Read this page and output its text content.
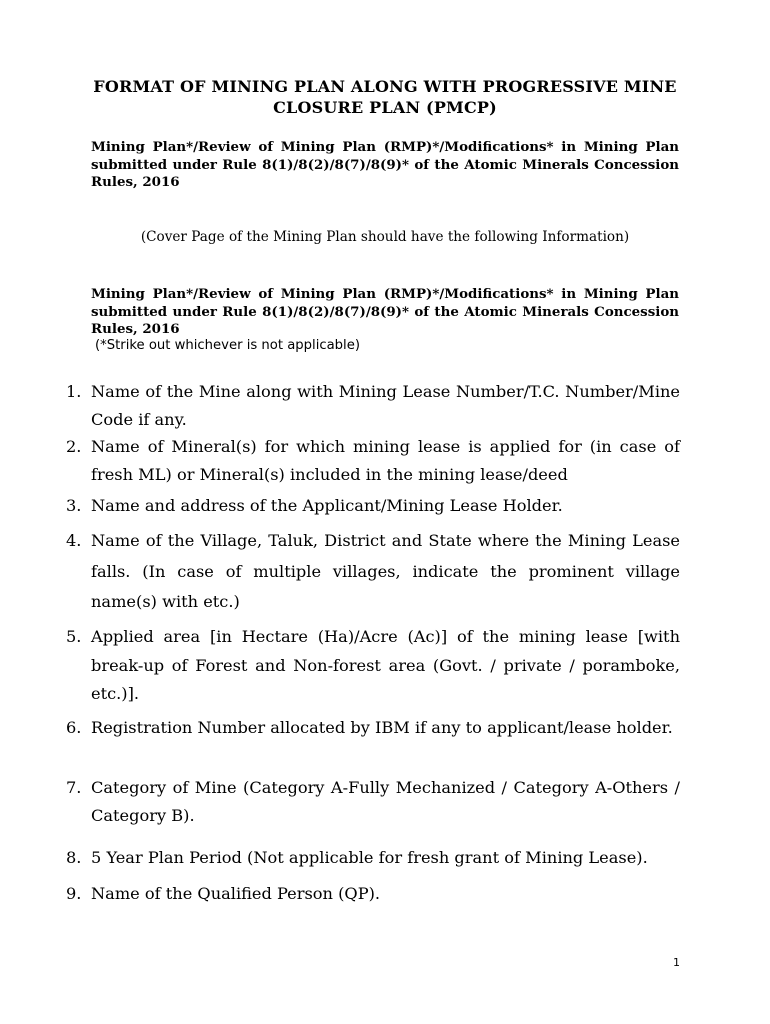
FORMAT OF MINING PLAN ALONG WITH PROGRESSIVE MINE CLOSURE PLAN (PMCP)
Mining Plan*/Review of Mining Plan (RMP)*/Modifications* in Mining Plan submitted under Rule 8(1)/8(2)/8(7)/8(9)* of the Atomic Minerals Concession Rules, 2016
(Cover Page of the Mining Plan should have the following Information)
Mining Plan*/Review of Mining Plan (RMP)*/Modifications* in Mining Plan submitted under Rule 8(1)/8(2)/8(7)/8(9)* of the Atomic Minerals Concession Rules, 2016
(*Strike out whichever is not applicable)
1. Name of the Mine along with Mining Lease Number/T.C. Number/Mine Code if any.
2. Name of Mineral(s) for which mining lease is applied for (in case of fresh ML) or Mineral(s) included in the mining lease/deed
3. Name and address of the Applicant/Mining Lease Holder.
4. Name of the Village, Taluk, District and State where the Mining Lease falls. (In case of multiple villages, indicate the prominent village name(s) with etc.)
5. Applied area [in Hectare (Ha)/Acre (Ac)] of the mining lease [with break-up of Forest and Non-forest area (Govt. / private / poramboke, etc.)].
6. Registration Number allocated by IBM if any to applicant/lease holder.
7. Category of Mine (Category A-Fully Mechanized / Category A-Others / Category B).
8. 5 Year Plan Period (Not applicable for fresh grant of Mining Lease).
9. Name of the Qualified Person (QP).
1
